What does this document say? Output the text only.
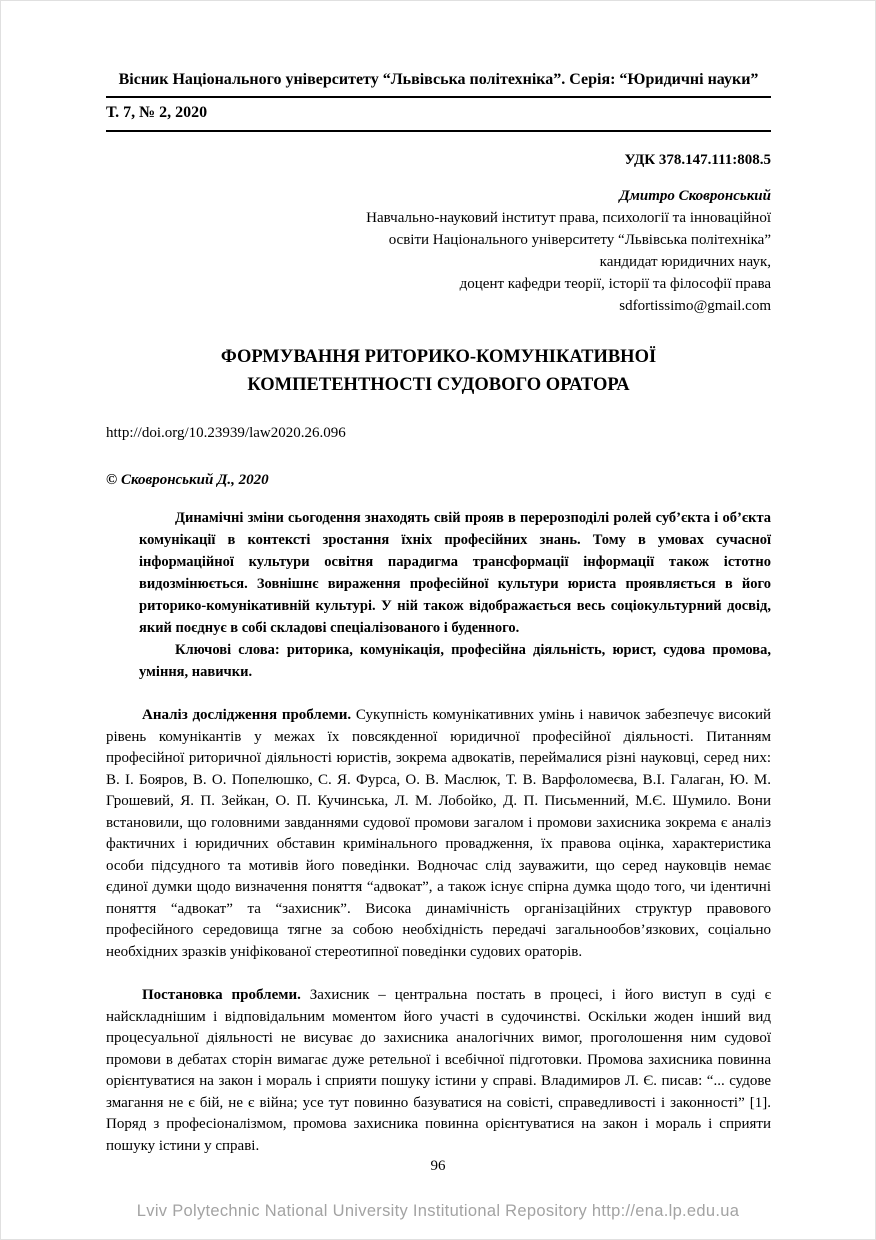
Вісник Національного університету “Львівська політехніка”. Серія: “Юридичні науки”
Т. 7, № 2, 2020
УДК 378.147.111:808.5
Дмитро Сковронський
Навчально-науковий інститут права, психології та інноваційної
освіти Національного університету “Львівська політехніка”
кандидат юридичних наук,
доцент кафедри теорії, історії та філософії права
sdfortissimo@gmail.com
ФОРМУВАННЯ РИТОРИКО-КОМУНІКАТИВНОЇ КОМПЕТЕНТНОСТІ СУДОВОГО ОРАТОРА
http://doi.org/10.23939/law2020.26.096
© Сковронський Д., 2020

Динамічні зміни сьогодення знаходять свій прояв в перерозподілі ролей суб’єкта і об’єкта комунікації в контексті зростання їхніх професійних знань. Тому в умовах сучасної інформаційної культури освітня парадигма трансформації інформації також істотно видозмінюється. Зовнішнє вираження професійної культури юриста проявляється в його риторико-комунікативній культурі. У ній також відображається весь соціокультурний досвід, який поєднує в собі складові спеціалізованого і буденного.

Ключові слова: риторика, комунікація, професійна діяльність, юрист, судова промова, уміння, навички.

Аналіз дослідження проблеми. Сукупність комунікативних умінь і навичок забезпечує високий рівень комунікантів у межах їх повсякденної юридичної професійної діяльності. Питанням професійної риторичної діяльності юристів, зокрема адвокатів, переймалися різні науковці, серед них: В. І. Бояров, В. О. Попелюшко, С. Я. Фурса, О. В. Маслюк, Т. В. Варфоломеєва, В.І. Галаган, Ю. М. Грошевий, Я. П. Зейкан, О. П. Кучинська, Л. М. Лобойко, Д. П. Письменний, М.Є. Шумило. Вони встановили, що головними завданнями судової промови загалом і промови захисника зокрема є аналіз фактичних і юридичних обставин кримінального провадження, їх правова оцінка, характеристика особи підсудного та мотивів його поведінки. Водночас слід зауважити, що серед науковців немає єдиної думки щодо визначення поняття “адвокат”, а також існує спірна думка щодо того, чи ідентичні поняття “адвокат” та “захисник”. Висока динамічність організаційних структур правового професійного середовища тягне за собою необхідність передачі загальнообов’язкових, соціально необхідних зразків уніфікованої стереотипної поведінки судових ораторів.

Постановка проблеми. Захисник – центральна постать в процесі, і його виступ в суді є найскладнішим і відповідальним моментом його участі в судочинстві. Оскільки жоден інший вид процесуальної діяльності не висуває до захисника аналогічних вимог, проголошення ним судової промови в дебатах сторін вимагає дуже ретельної і всебічної підготовки. Промова захисника повинна орієнтуватися на закон і мораль і сприяти пошуку істини у справі. Владимиров Л. Є. писав: “... судове змагання не є бій, не є війна; усе тут повинно базуватися на совісті, справедливості і законності” [1]. Поряд з професіоналізмом, промова захисника повинна орієнтуватися на закон і мораль і сприяти пошуку істини у справі.

96
Lviv Polytechnic National University Institutional Repository http://ena.lp.edu.ua
